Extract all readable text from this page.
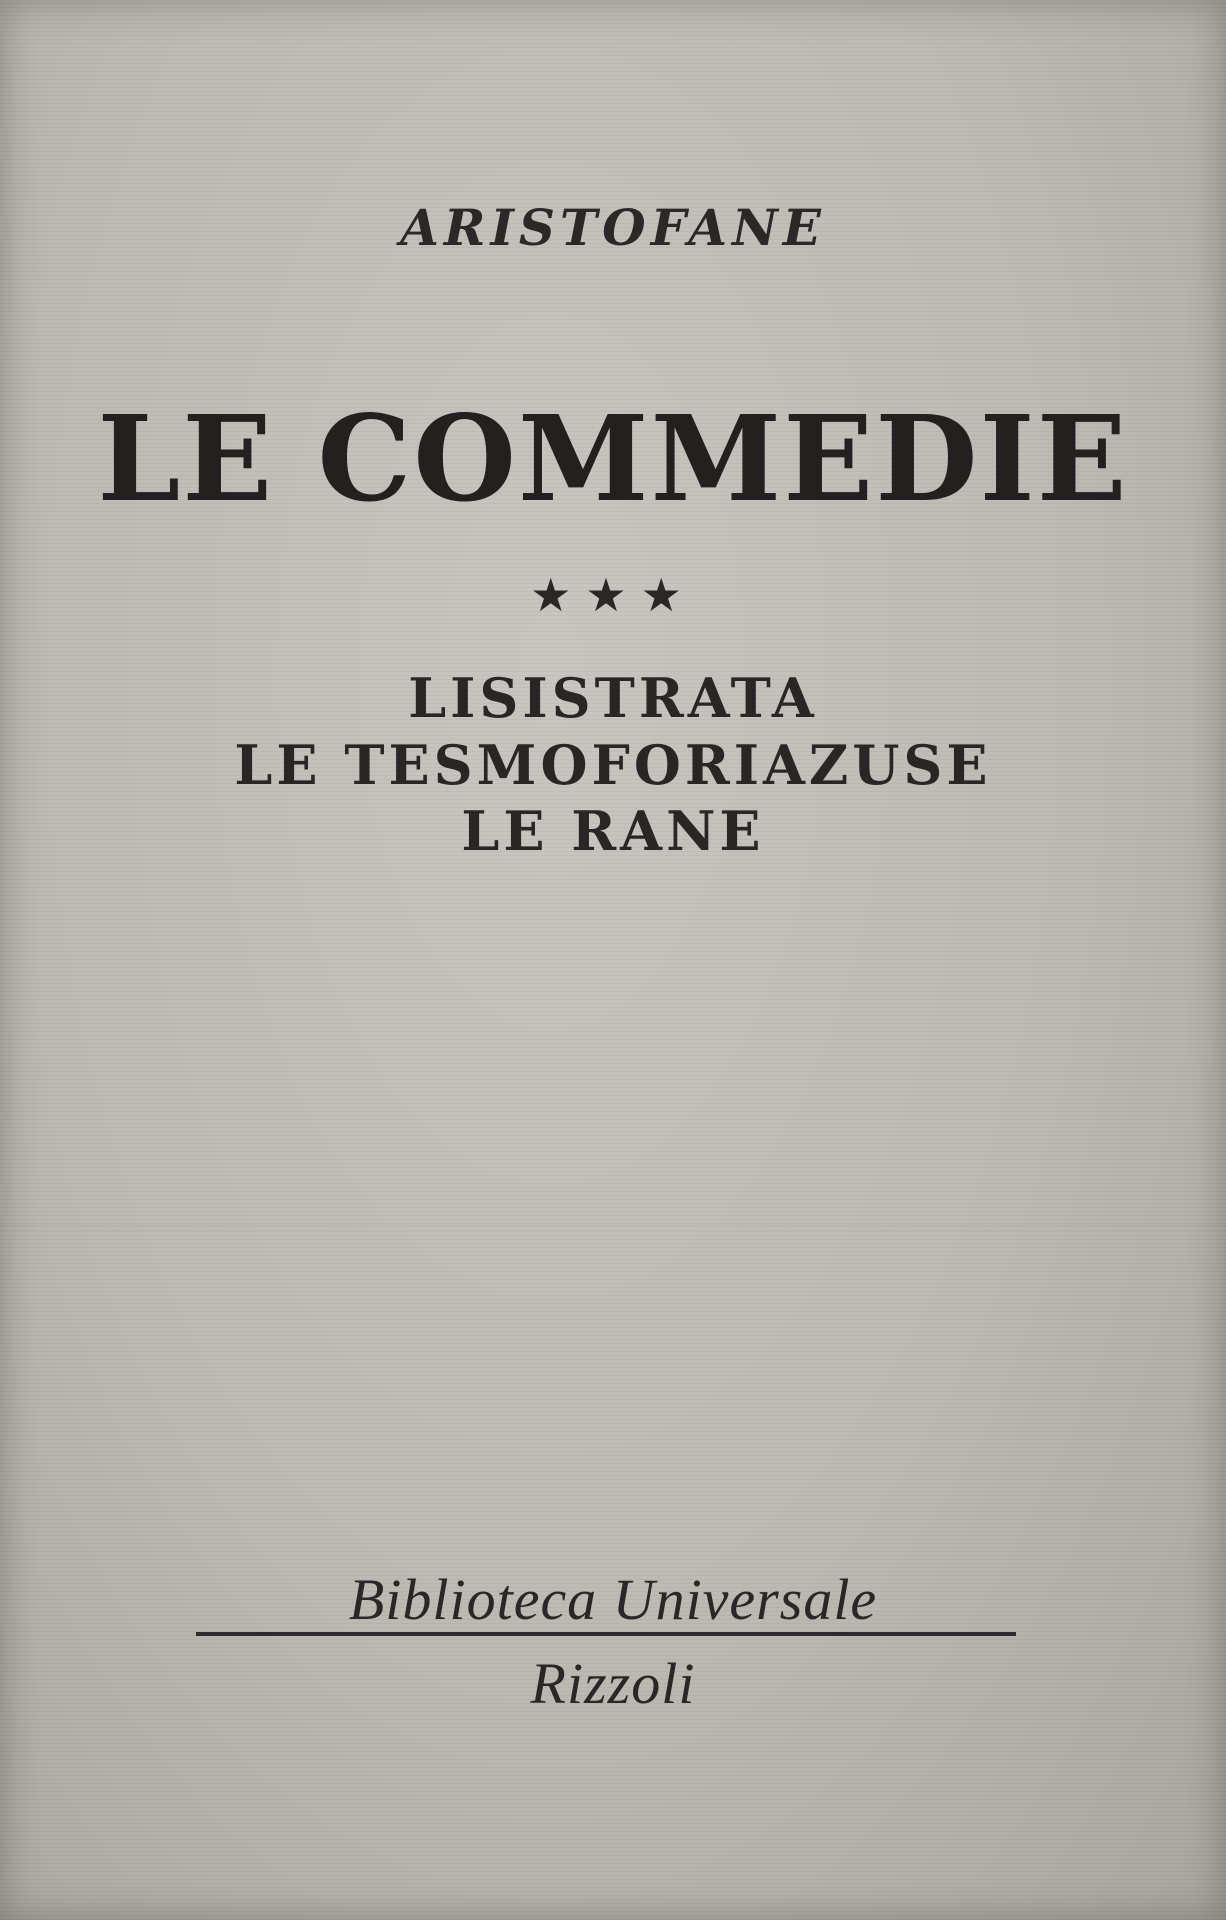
ARISTOFANE
LE COMMEDIE
★★★
LISISTRATA
LE TESMOFORIAZUSE
LE RANE
Biblioteca Universale
Rizzoli
